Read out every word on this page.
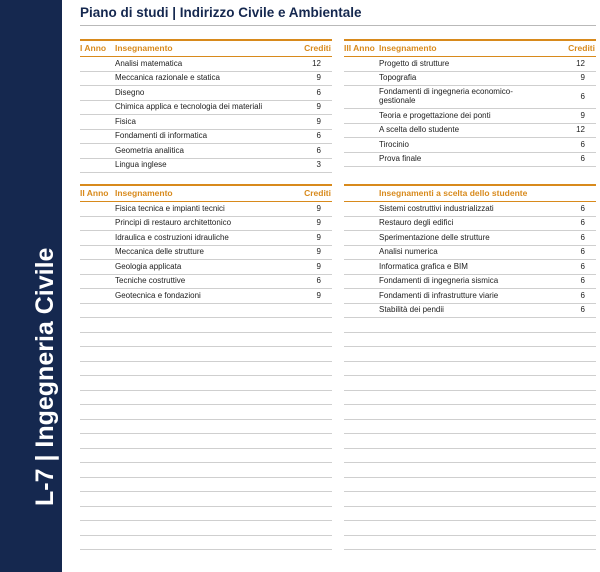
L-7 | Ingegneria Civile
Piano di studi | Indirizzo Civile e Ambientale
I Anno Insegnamento	Crediti
Analisi matematica	12
Meccanica razionale e statica	9
Disegno	6
Chimica applica e tecnologia dei materiali	9
Fisica	9
Fondamenti di informatica	6
Geometria analitica	6
Lingua inglese	3
II Anno Insegnamento	Crediti
Fisica tecnica e impianti tecnici	9
Principi di restauro architettonico	9
Idraulica e costruzioni idrauliche	9
Meccanica delle strutture	9
Geologia applicata	9
Tecniche costruttive	6
Geotecnica e fondazioni	9
III Anno Insegnamento	Crediti
Progetto di strutture	12
Topografia	9
Fondamenti di ingegneria economico-gestionale	6
Teoria e progettazione dei ponti	9
A scelta dello studente	12
Tirocinio	6
Prova finale	6
Insegnamenti a scelta dello studente
Sistemi costruttivi industrializzati	6
Restauro degli edifici	6
Sperimentazione delle strutture	6
Analisi numerica	6
Informatica grafica e BIM	6
Fondamenti di ingegneria sismica	6
Fondamenti di infrastrutture viarie	6
Stabilità dei pendii	6
